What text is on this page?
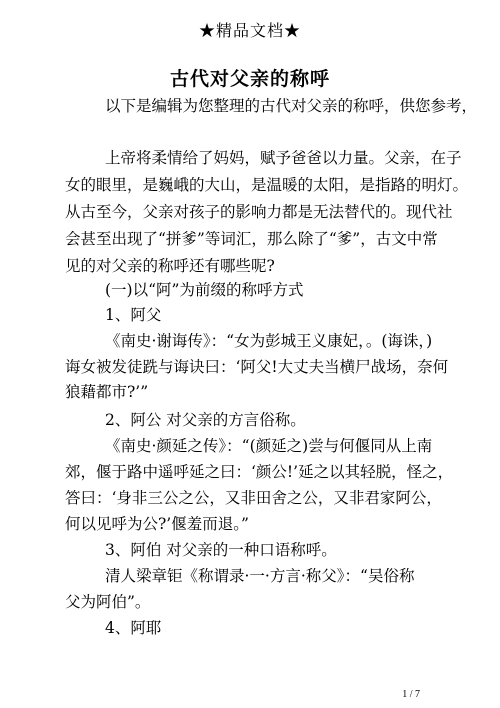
★精品文档★
古代对父亲的称呼
以下是编辑为您整理的古代对父亲的称呼，供您参考，
上帝将柔情给了妈妈，赋予爸爸以力量。父亲，在子
女的眼里，是巍峨的大山，是温暖的太阳，是指路的明灯。
从古至今，父亲对孩子的影响力都是无法替代的。现代社
会甚至出现了“拼爹”等词汇，那么除了“爹”，古文中常
见的对父亲的称呼还有哪些呢?
(一)以“阿”为前缀的称呼方式
1、阿父
《南史·谢诲传》：“女为彭城王义康妃，。(诲诛，)
诲女被发徒跣与诲诀曰：‘阿父!大丈夫当横尸战场，奈何
狼藉都市?’”
2、阿公 对父亲的方言俗称。
《南史·颜延之传》：“(颜延之)尝与何偃同从上南
郊，偃于路中遥呼延之曰：‘颜公!’延之以其轻脱，怪之，
答曰：‘身非三公之公，又非田舍之公，又非君家阿公，
何以见呼为公?’偃羞而退。”
3、阿伯 对父亲的一种口语称呼。
清人梁章钜《称谓录·一·方言·称父》：“吴俗称
父为阿伯”。
4、阿耶
1 / 7
